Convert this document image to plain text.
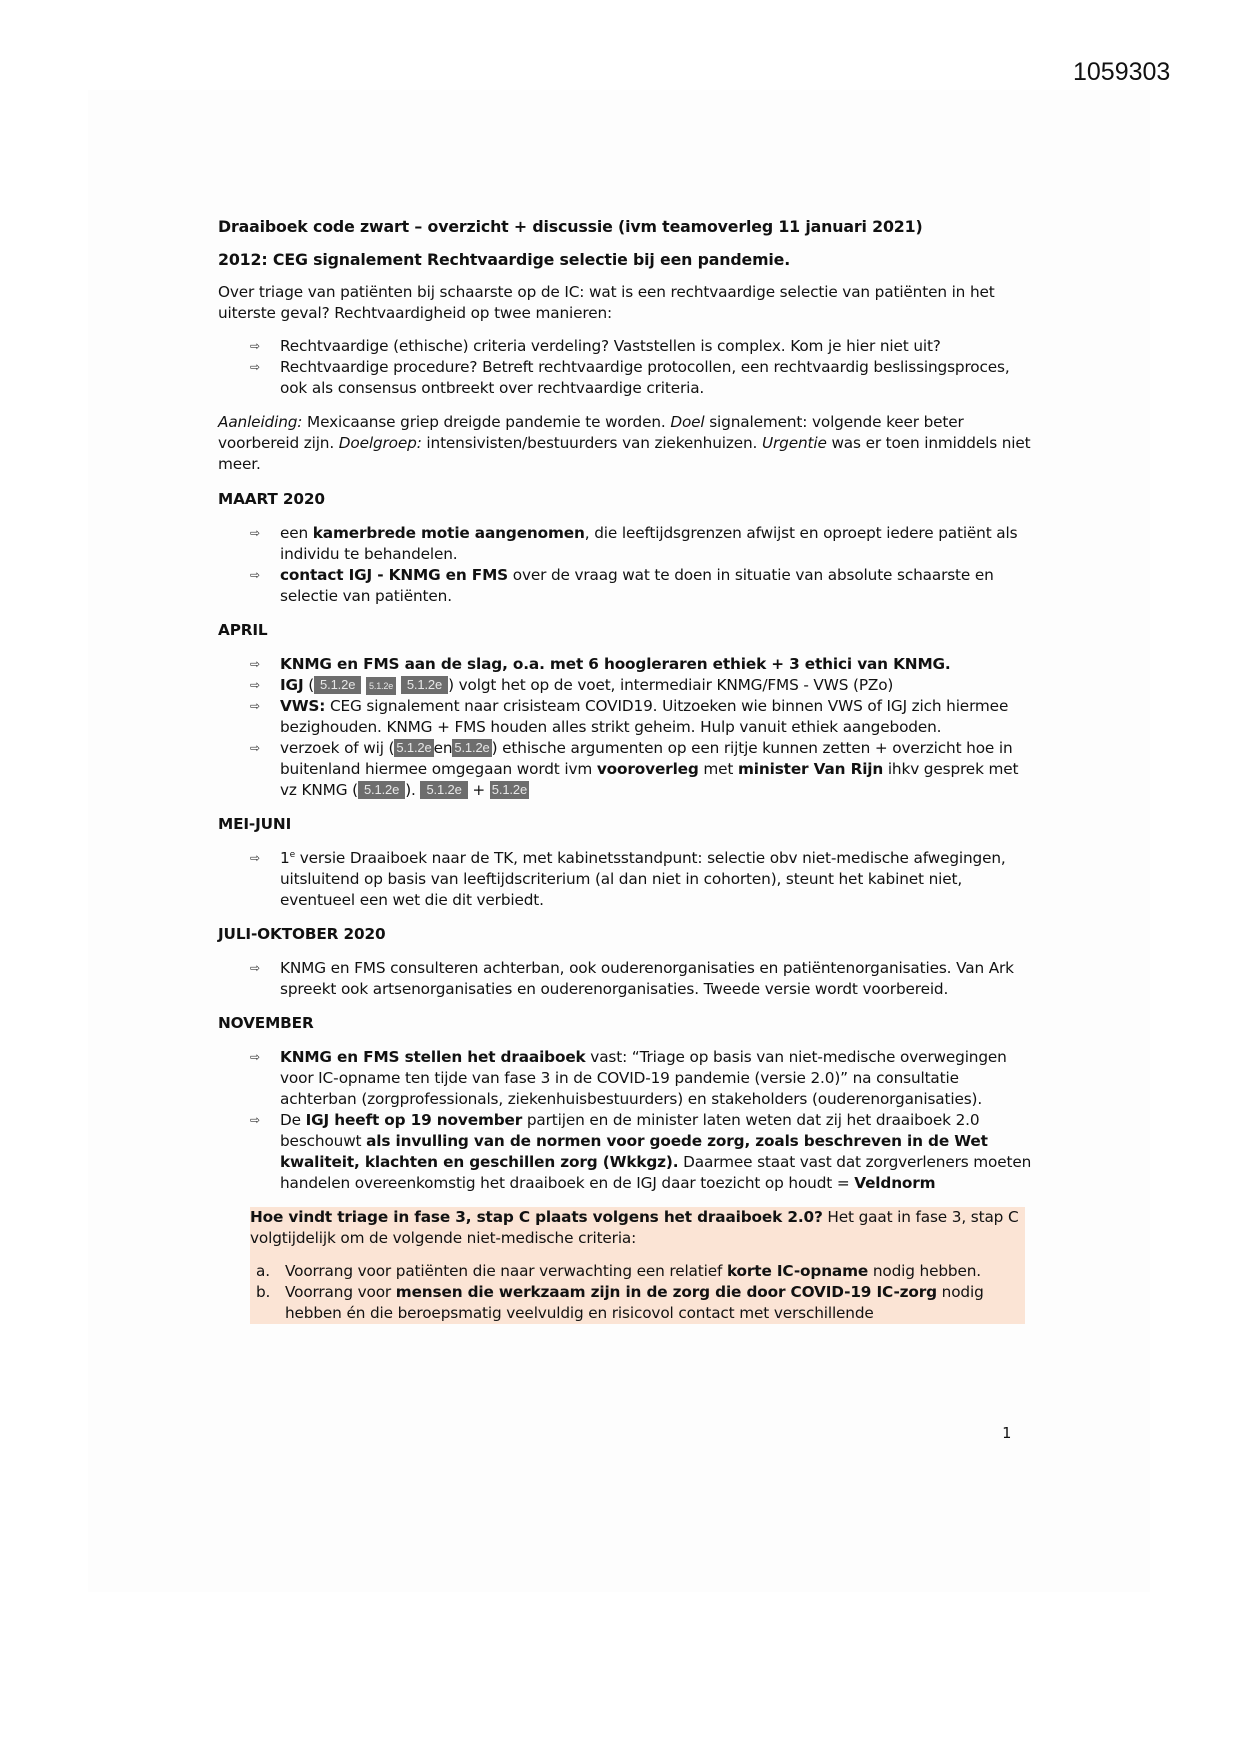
1059303
Draaiboek code zwart – overzicht + discussie (ivm teamoverleg 11 januari 2021)
2012: CEG signalement Rechtvaardige selectie bij een pandemie.

Over triage van patiënten bij schaarste op de IC: wat is een rechtvaardige selectie van patiënten in het uiterste geval? Rechtvaardigheid op twee manieren:

⇨ Rechtvaardige (ethische) criteria verdeling? Vaststellen is complex. Kom je hier niet uit?
⇨ Rechtvaardige procedure? Betreft rechtvaardige protocollen, een rechtvaardig beslissingsproces, ook als consensus ontbreekt over rechtvaardige criteria.

Aanleiding: Mexicaanse griep dreigde pandemie te worden. Doel signalement: volgende keer beter voorbereid zijn. Doelgroep: intensivisten/bestuurders van ziekenhuizen. Urgentie was er toen inmiddels niet meer.

MAART 2020
⇨ een kamerbrede motie aangenomen, die leeftijdsgrenzen afwijst en oproept iedere patiënt als individu te behandelen.
⇨ contact IGJ - KNMG en FMS over de vraag wat te doen in situatie van absolute schaarste en selectie van patiënten.
APRIL
⇨ KNMG en FMS aan de slag, o.a. met 6 hoogleraren ethiek + 3 ethici van KNMG.
⇨ IGJ ( 5.1.2e 5.1.2e 5.1.2e ) volgt het op de voet, intermediair KNMG/FMS - VWS (PZo)
⇨ VWS: CEG signalement naar crisisteam COVID19. Uitzoeken wie binnen VWS of IGJ zich hiermee bezighouden. KNMG + FMS houden alles strikt geheim. Hulp vanuit ethiek aangeboden.
⇨ verzoek of wij ( 5.1.2e en 5.1.2e ) ethische argumenten op een rijtje kunnen zetten + overzicht hoe in buitenland hiermee omgegaan wordt ivm vooroverleg met minister Van Rijn ihkv gesprek met vz KNMG ( 5.1.2e ). 5.1.2e + 5.1.2e
MEI-JUNI
⇨ 1e versie Draaiboek naar de TK, met kabinetsstandpunt: selectie obv niet-medische afwegingen, uitsluitend op basis van leeftijdscriterium (al dan niet in cohorten), steunt het kabinet niet, eventueel een wet die dit verbiedt.
JULI-OKTOBER 2020
⇨ KNMG en FMS consulteren achterban, ook ouderenorganisaties en patiëntenorganisaties. Van Ark spreekt ook artsenorganisaties en ouderenorganisaties. Tweede versie wordt voorbereid.
NOVEMBER
⇨ KNMG en FMS stellen het draaiboek vast: “Triage op basis van niet-medische overwegingen voor IC-opname ten tijde van fase 3 in de COVID-19 pandemie (versie 2.0)” na consultatie achterban (zorgprofessionals, ziekenhuisbestuurders) en stakeholders (ouderenorganisaties).
⇨ De IGJ heeft op 19 november partijen en de minister laten weten dat zij het draaiboek 2.0 beschouwt als invulling van de normen voor goede zorg, zoals beschreven in de Wet kwaliteit, klachten en geschillen zorg (Wkkgz). Daarmee staat vast dat zorgverleners moeten handelen overeenkomstig het draaiboek en de IGJ daar toezicht op houdt = Veldnorm

Hoe vindt triage in fase 3, stap C plaats volgens het draaiboek 2.0? Het gaat in fase 3, stap C volgtijdelijk om de volgende niet-medische criteria:

a. Voorrang voor patiënten die naar verwachting een relatief korte IC-opname nodig hebben.
b. Voorrang voor mensen die werkzaam zijn in de zorg die door COVID-19 IC-zorg nodig hebben én die beroepsmatig veelvuldig en risicovol contact met verschillende
1
